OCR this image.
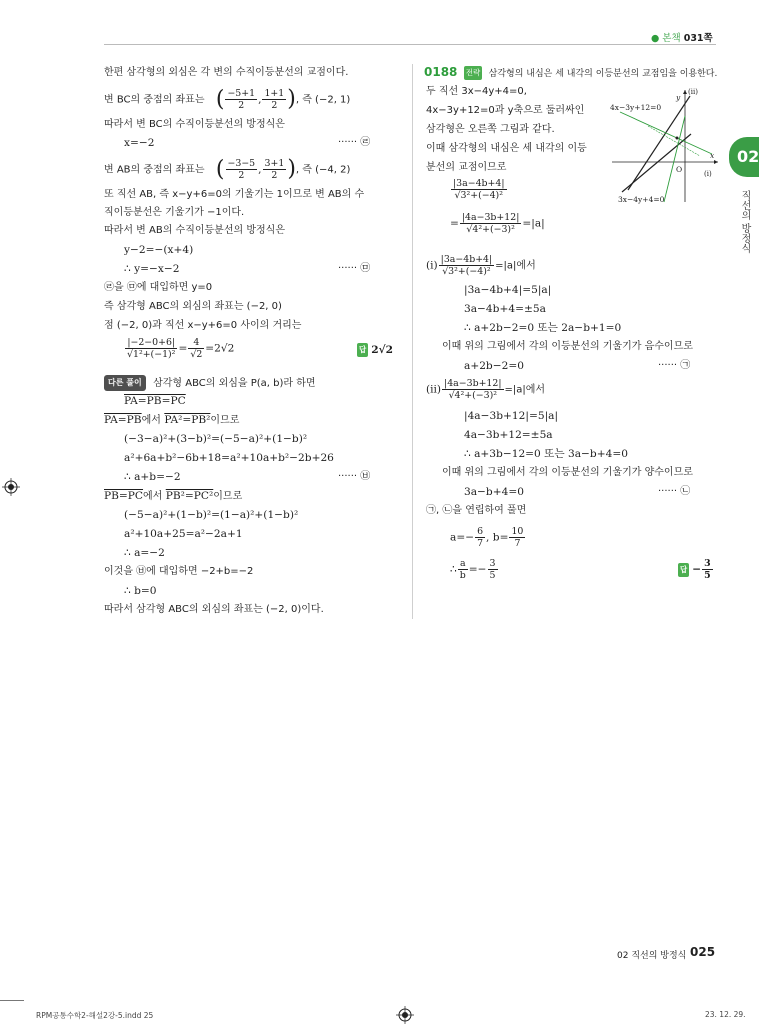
● 본책 031쪽
한편 삼각형의 외심은 각 변의 수직이등분선의 교점이다.
변 BC의 중점의 좌표는 ( $\frac{-5+1}{2}$ , $\frac{1+1}{2}$ ), 즉 (−2, 1)
따라서 변 BC의 수직이등분선의 방정식은
x=−2	······ ㉣
변 AB의 중점의 좌표는 ( $\frac{-3-5}{2}$ , $\frac{3+1}{2}$ ), 즉 (−4, 2)
또 직선 AB, 즉 x−y+6=0의 기울기는 1이므로 변 AB의 수
직이등분선은 기울기가 −1이다.
따라서 변 AB의 수직이등분선의 방정식은
y−2=−(x+4)
∴ y=−x−2	······ ㉤
㉣을 ㉤에 대입하면 y=0
즉 삼각형 ABC의 외심의 좌표는 (−2, 0)
점 (−2, 0)과 직선 x−y+6=0 사이의 거리는
$\frac{|-2-0+6|}{\text{√1²+(−1)²}} = \frac{4}{√2} =2√2$	답 2√2
다른 풀이 삼각형 ABC의 외심을 P(a, b)라 하면
PA=PB=PC
PA=PB에서 PA²=PB²이므로
(−3−a)²+(3−b)²=(−5−a)²+(1−b)²
a²+6a+b²−6b+18=a²+10a+b²−2b+26
∴ a+b=−2	······ ㉥
PB=PC에서 PB²=PC²이므로
(−5−a)²+(1−b)²=(1−a)²+(1−b)²
a²+10a+25=a²−2a+1
∴ a=−2
이것을 ㉥에 대입하면 −2+b=−2
∴ b=0
따라서 삼각형 ABC의 외심의 좌표는 (−2, 0)이다.
0188 전략 삼각형의 내심은 세 내각의 이등분선의 교점임을 이용한다.
두 직선 3x−4y+4=0,
4x−3y+12=0과 y축으로 둘러싸인
삼각형은 오른쪽 그림과 같다.
이때 삼각형의 내심은 세 내각의 이등
분선의 교점이므로
$\frac{|3a-4b+4|}{\text{√3²+(−4)²}}$
= $\frac{|4a-3b+12|}{\text{√4²+(−3)²}} =|a|$
(ⅰ) $\frac{|3a-4b+4|}{\text{√3²+(−4)²}} =|a|$에서
|3a−4b+4|=5|a|
3a−4b+4=±5a
∴ a+2b−2=0 또는 2a−b+1=0
이때 위의 그림에서 각의 이등분선의 기울기가 음수이므로
a+2b−2=0	······ ㉠
(ⅱ) $\frac{|4a-3b+12|}{\text{√4²+(−3)²}} =|a|$에서
|4a−3b+12|=5|a|
4a−3b+12=±5a
∴ a+3b−12=0 또는 3a−b+4=0
이때 위의 그림에서 각의 이등분선의 기울기가 양수이므로
3a−b+4=0	······ ㉡
㉠, ㉡을 연립하여 풀면
$a=- \frac{6}{7}$ , $b= \frac{10}{7}$
∴ $\frac{a}{b} =- \frac{3}{5}$	답 − $\frac{3}{5}$
4x−3y+12=0
3x−4y+4=0
y
x
O
(ⅱ)
(ⅰ)
02
직선의 방정식
02 직선의 방정식 025
RPM공통수학2-해설2강-5.indd 25	23. 12. 29.
